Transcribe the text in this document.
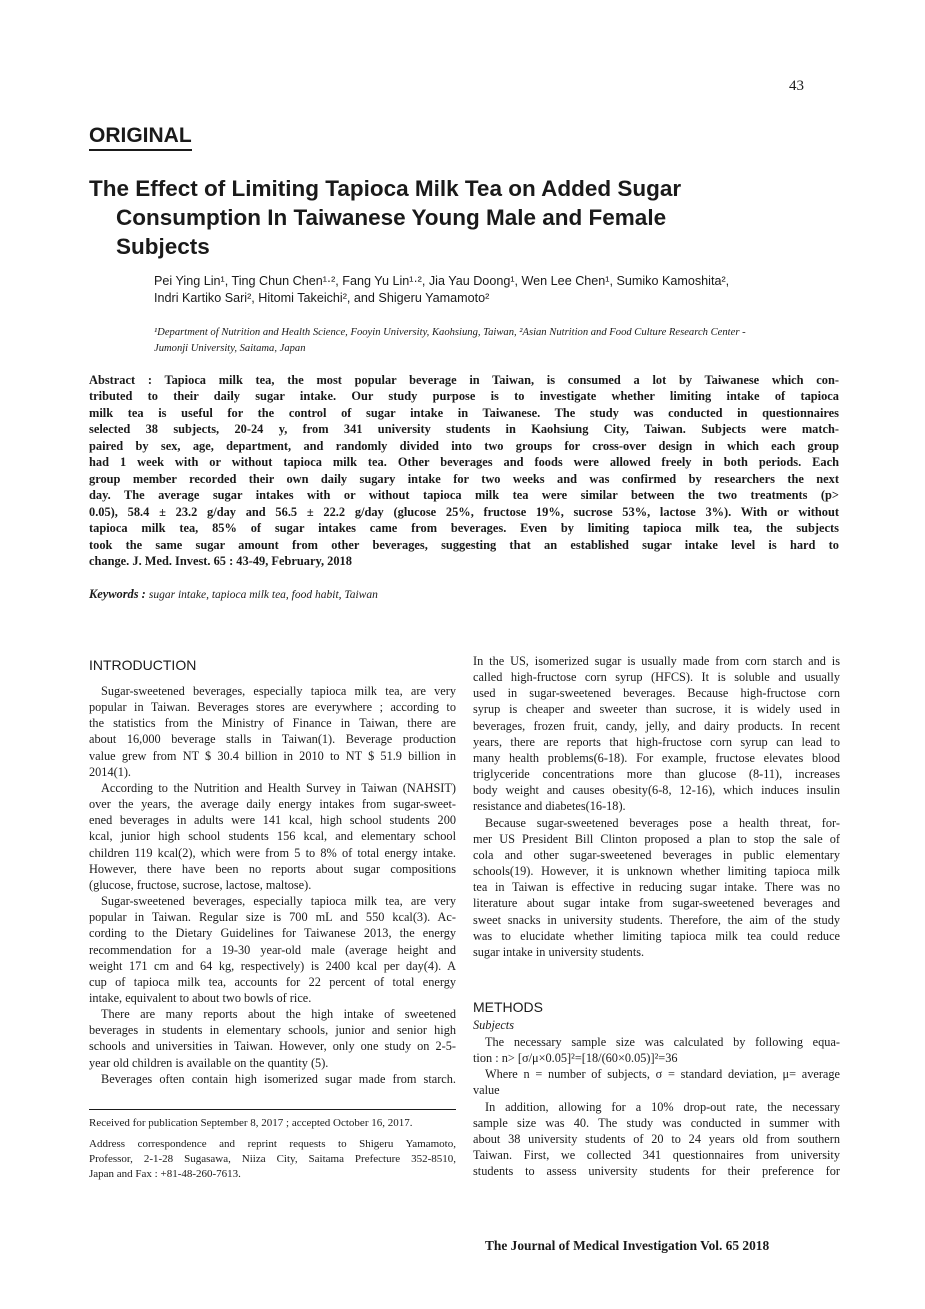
43
ORIGINAL
The Effect of Limiting Tapioca Milk Tea on Added Sugar
Consumption In Taiwanese Young Male and Female
Subjects
Pei Ying Lin¹, Ting Chun Chen¹·², Fang Yu Lin¹·², Jia Yau Doong¹, Wen Lee Chen¹, Sumiko Kamoshita²,
Indri Kartiko Sari², Hitomi Takeichi², and Shigeru Yamamoto²
¹Department of Nutrition and Health Science, Fooyin University, Kaohsiung, Taiwan, ²Asian Nutrition and Food Culture Research Center -
Jumonji University, Saitama, Japan
Abstract : Tapioca milk tea, the most popular beverage in Taiwan, is consumed a lot by Taiwanese which con-
tributed to their daily sugar intake. Our study purpose is to investigate whether limiting intake of tapioca
milk tea is useful for the control of sugar intake in Taiwanese. The study was conducted in questionnaires
selected 38 subjects, 20-24 y, from 341 university students in Kaohsiung City, Taiwan. Subjects were match-
paired by sex, age, department, and randomly divided into two groups for cross-over design in which each group
had 1 week with or without tapioca milk tea. Other beverages and foods were allowed freely in both periods. Each
group member recorded their own daily sugary intake for two weeks and was confirmed by researchers the next
day. The average sugar intakes with or without tapioca milk tea were similar between the two treatments (p>
0.05), 58.4 ± 23.2 g/day and 56.5 ± 22.2 g/day (glucose 25%, fructose 19%, sucrose 53%, lactose 3%). With or without
tapioca milk tea, 85% of sugar intakes came from beverages. Even by limiting tapioca milk tea, the subjects
took the same sugar amount from other beverages, suggesting that an established sugar intake level is hard to
change. J. Med. Invest. 65 : 43-49, February, 2018
Keywords : sugar intake, tapioca milk tea, food habit, Taiwan
INTRODUCTION
Sugar-sweetened beverages, especially tapioca milk tea, are very
popular in Taiwan. Beverages stores are everywhere ; according to
the statistics from the Ministry of Finance in Taiwan, there are
about 16,000 beverage stalls in Taiwan(1). Beverage production
value grew from NT $ 30.4 billion in 2010 to NT $ 51.9 billion in
2014(1).
According to the Nutrition and Health Survey in Taiwan (NAHSIT)
over the years, the average daily energy intakes from sugar-sweet-
ened beverages in adults were 141 kcal, high school students 200
kcal, junior high school students 156 kcal, and elementary school
children 119 kcal(2), which were from 5 to 8% of total energy intake.
However, there have been no reports about sugar compositions
(glucose, fructose, sucrose, lactose, maltose).
Sugar-sweetened beverages, especially tapioca milk tea, are very
popular in Taiwan. Regular size is 700 mL and 550 kcal(3). Ac-
cording to the Dietary Guidelines for Taiwanese 2013, the energy
recommendation for a 19-30 year-old male (average height and
weight 171 cm and 64 kg, respectively) is 2400 kcal per day(4). A
cup of tapioca milk tea, accounts for 22 percent of total energy
intake, equivalent to about two bowls of rice.
There are many reports about the high intake of sweetened
beverages in students in elementary schools, junior and senior high
schools and universities in Taiwan. However, only one study on 2-5-
year old children is available on the quantity (5).
Beverages often contain high isomerized sugar made from starch.
Received for publication September 8, 2017 ; accepted October 16, 2017.
Address correspondence and reprint requests to Shigeru Yamamoto,
Professor, 2-1-28 Sugasawa, Niiza City, Saitama Prefecture 352-8510,
Japan and Fax : +81-48-260-7613.
In the US, isomerized sugar is usually made from corn starch and is
called high-fructose corn syrup (HFCS). It is soluble and usually
used in sugar-sweetened beverages. Because high-fructose corn
syrup is cheaper and sweeter than sucrose, it is widely used in
beverages, frozen fruit, candy, jelly, and dairy products. In recent
years, there are reports that high-fructose corn syrup can lead to
many health problems(6-18). For example, fructose elevates blood
triglyceride concentrations more than glucose (8-11), increases
body weight and causes obesity(6-8, 12-16), which induces insulin
resistance and diabetes(16-18).
Because sugar-sweetened beverages pose a health threat, for-
mer US President Bill Clinton proposed a plan to stop the sale of
cola and other sugar-sweetened beverages in public elementary
schools(19). However, it is unknown whether limiting tapioca milk
tea in Taiwan is effective in reducing sugar intake. There was no
literature about sugar intake from sugar-sweetened beverages and
sweet snacks in university students. Therefore, the aim of the study
was to elucidate whether limiting tapioca milk tea could reduce
sugar intake in university students.
METHODS
Subjects
The necessary sample size was calculated by following equa-
tion : n> [σ/μ×0.05]²=[18/(60×0.05)]²=36
Where n = number of subjects, σ = standard deviation, μ= average
value
In addition, allowing for a 10% drop-out rate, the necessary
sample size was 40. The study was conducted in summer with
about 38 university students of 20 to 24 years old from southern
Taiwan. First, we collected 341 questionnaires from university
students to assess university students for their preference for
The Journal of Medical Investigation Vol. 65 2018
